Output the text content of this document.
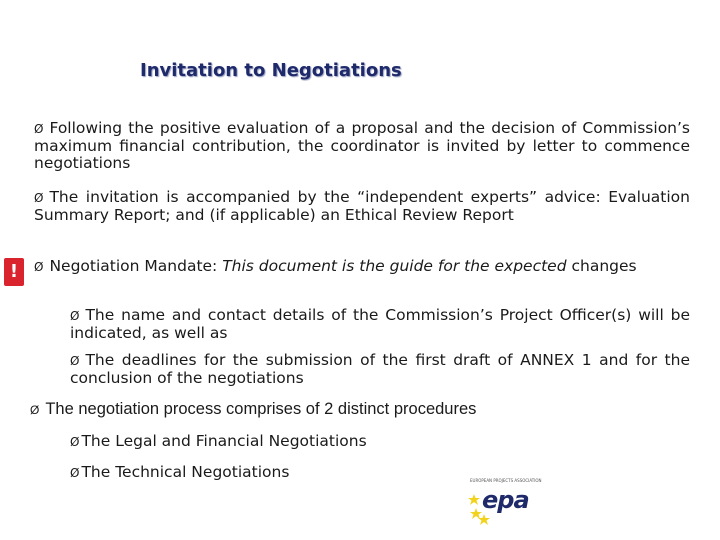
Invitation to Negotiations
Ø Following the positive evaluation of a proposal and the decision of Commission’s maximum financial contribution, the coordinator is invited by letter to commence negotiations
Ø The invitation is accompanied by the “independent experts” advice: Evaluation Summary Report; and (if applicable) an Ethical Review Report
!	Ø Negotiation Mandate: This document is the guide for the expected changes
Ø The name and contact details of the Commission’s Project Officer(s) will be indicated, as well as
Ø The deadlines for the submission of the first draft of ANNEX 1 and for the conclusion of the negotiations
Ø The negotiation process comprises of 2 distinct procedures
Ø The Legal and Financial Negotiations
Ø The Technical Negotiations	EUROPEAN PROJECTS ASSOCIATION
epa
